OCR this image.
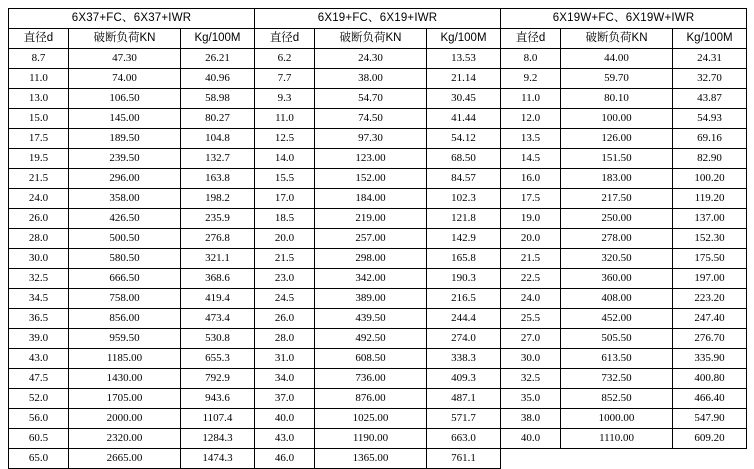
6X37+FC、6X37+IWR			6X19+FC、6X19+IWR			6X19W+FC、6X19W+IWR		
直径d	破断负荷KN	Kg/100M	直径d	破断负荷KN	Kg/100M	直径d	破断负荷KN	Kg/100M
8.7	47.30	26.21	6.2	24.30	13.53	8.0	44.00	24.31
11.0	74.00	40.96	7.7	38.00	21.14	9.2	59.70	32.70
13.0	106.50	58.98	9.3	54.70	30.45	11.0	80.10	43.87
15.0	145.00	80.27	11.0	74.50	41.44	12.0	100.00	54.93
17.5	189.50	104.8	12.5	97.30	54.12	13.5	126.00	69.16
19.5	239.50	132.7	14.0	123.00	68.50	14.5	151.50	82.90
21.5	296.00	163.8	15.5	152.00	84.57	16.0	183.00	100.20
24.0	358.00	198.2	17.0	184.00	102.3	17.5	217.50	119.20
26.0	426.50	235.9	18.5	219.00	121.8	19.0	250.00	137.00
28.0	500.50	276.8	20.0	257.00	142.9	20.0	278.00	152.30
30.0	580.50	321.1	21.5	298.00	165.8	21.5	320.50	175.50
32.5	666.50	368.6	23.0	342.00	190.3	22.5	360.00	197.00
34.5	758.00	419.4	24.5	389.00	216.5	24.0	408.00	223.20
36.5	856.00	473.4	26.0	439.50	244.4	25.5	452.00	247.40
39.0	959.50	530.8	28.0	492.50	274.0	27.0	505.50	276.70
43.0	1185.00	655.3	31.0	608.50	338.3	30.0	613.50	335.90
47.5	1430.00	792.9	34.0	736.00	409.3	32.5	732.50	400.80
52.0	1705.00	943.6	37.0	876.00	487.1	35.0	852.50	466.40
56.0	2000.00	1107.4	40.0	1025.00	571.7	38.0	1000.00	547.90
60.5	2320.00	1284.3	43.0	1190.00	663.0	40.0	1110.00	609.20
65.0	2665.00	1474.3	46.0	1365.00	761.1			
